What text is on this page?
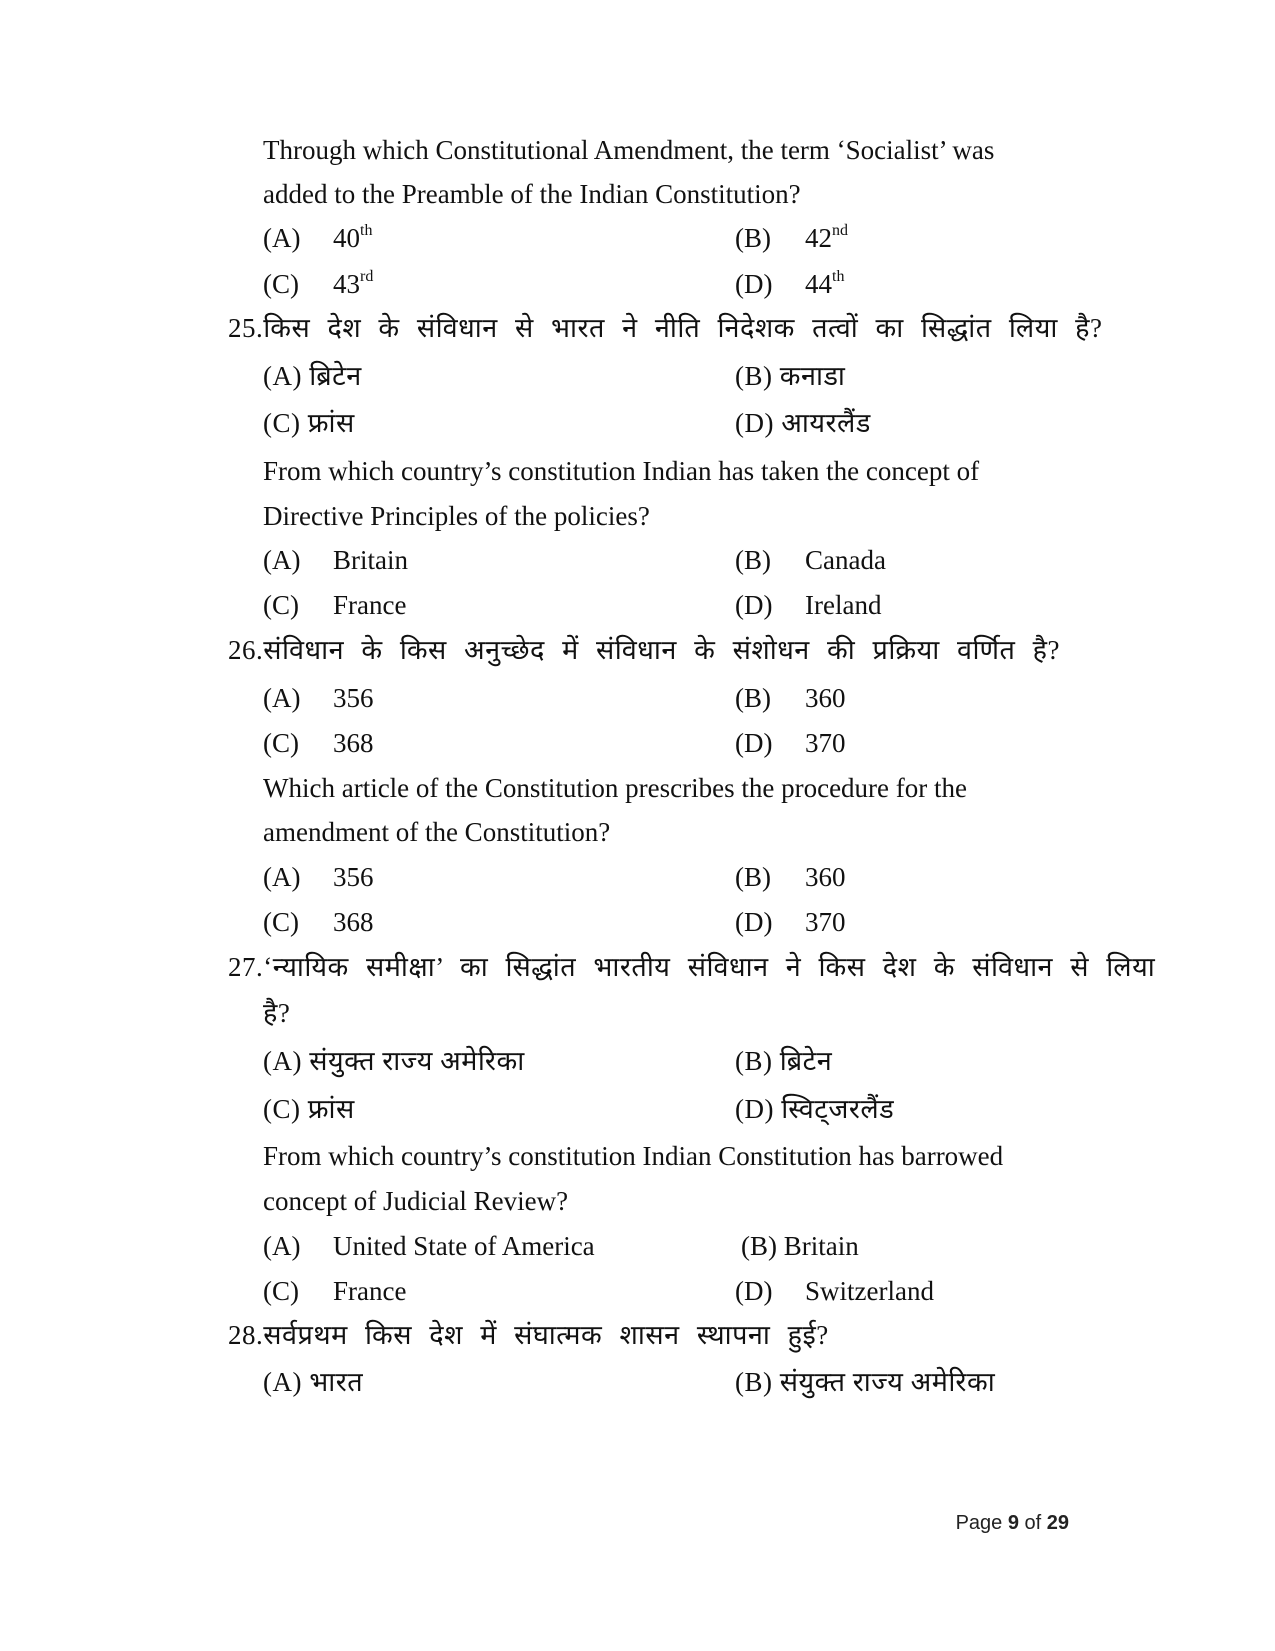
Through which Constitutional Amendment, the term ‘Socialist’ was
added to the Preamble of the Indian Constitution?
(A) 40th	(B) 42nd
(C) 43rd	(D) 44th
25.किस देश के संविधान से भारत ने नीति निदेशक तत्वों का सिद्धांत लिया है?
(A) ब्रिटेन	(B) कनाडा
(C) फ्रांस	(D) आयरलैंड
From which country’s constitution Indian has taken the concept of
Directive Principles of the policies?
(A) Britain	(B) Canada
(C) France	(D) Ireland
26.संविधान के किस अनुच्छेद में संविधान के संशोधन की प्रक्रिया वर्णित है?
(A) 356	(B) 360
(C) 368	(D) 370
Which article of the Constitution prescribes the procedure for the
amendment of the Constitution?
(A) 356	(B) 360
(C) 368	(D) 370
27.‘न्यायिक समीक्षा’ का सिद्धांत भारतीय संविधान ने किस देश के संविधान से लिया
है?
(A) संयुक्त राज्य अमेरिका	(B) ब्रिटेन
(C) फ्रांस	(D) स्विट्जरलैंड
From which country’s constitution Indian Constitution has barrowed
concept of Judicial Review?
(A) United State of America	(B) Britain
(C) France	(D) Switzerland
28.सर्वप्रथम किस देश में संघात्मक शासन स्थापना हुई?
(A) भारत	(B) संयुक्त राज्य अमेरिका
Page 9 of 29
